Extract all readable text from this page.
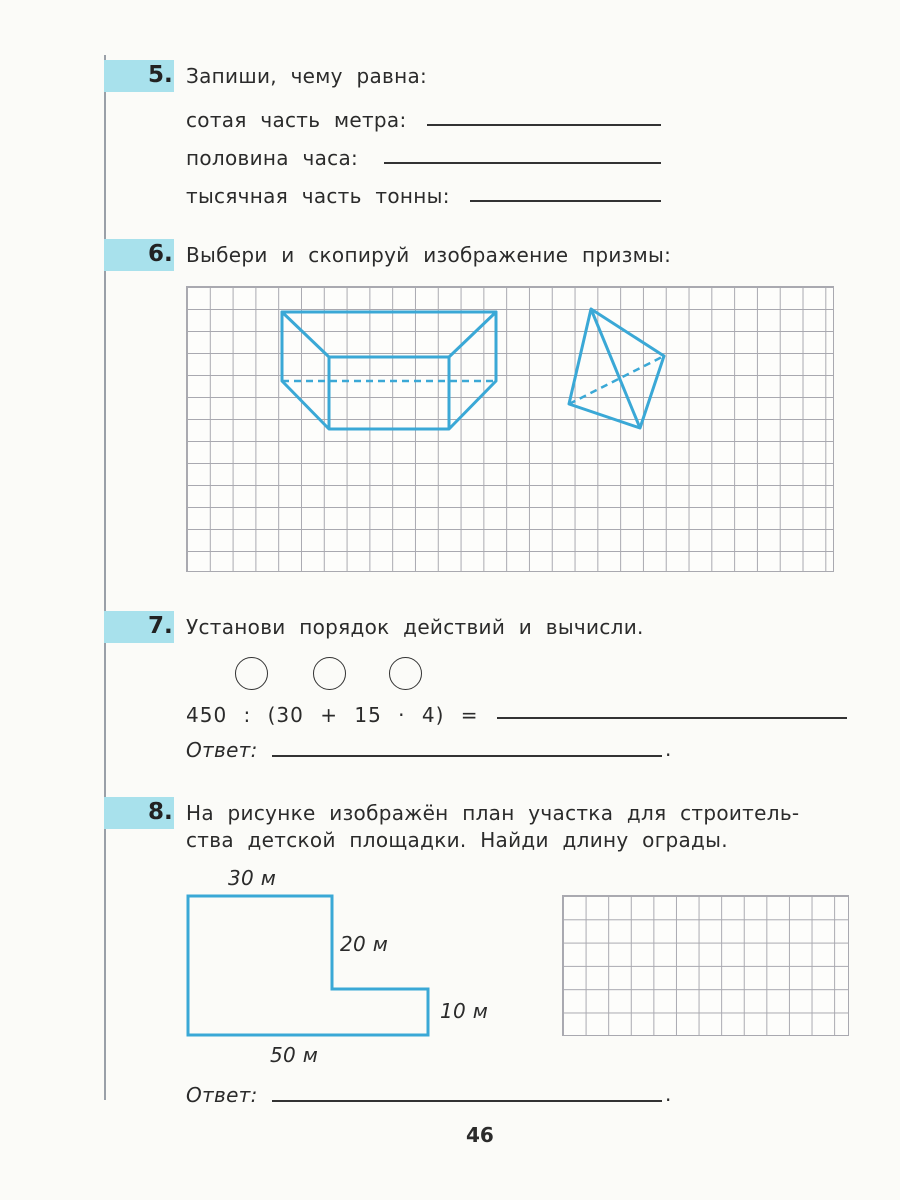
5. Запиши, чему равна:
сотая часть метра:
половина часа:
тысячная часть тонны:
6. Выбери и скопируй изображение призмы:
7. Установи порядок действий и вычисли.
450 : (30 + 15 · 4) =
Ответ:	.
8. На рисунке изображён план участка для строитель-
ства детской площадки. Найди длину ограды.
30 м
20 м
10 м
50 м
Ответ:	.
46
